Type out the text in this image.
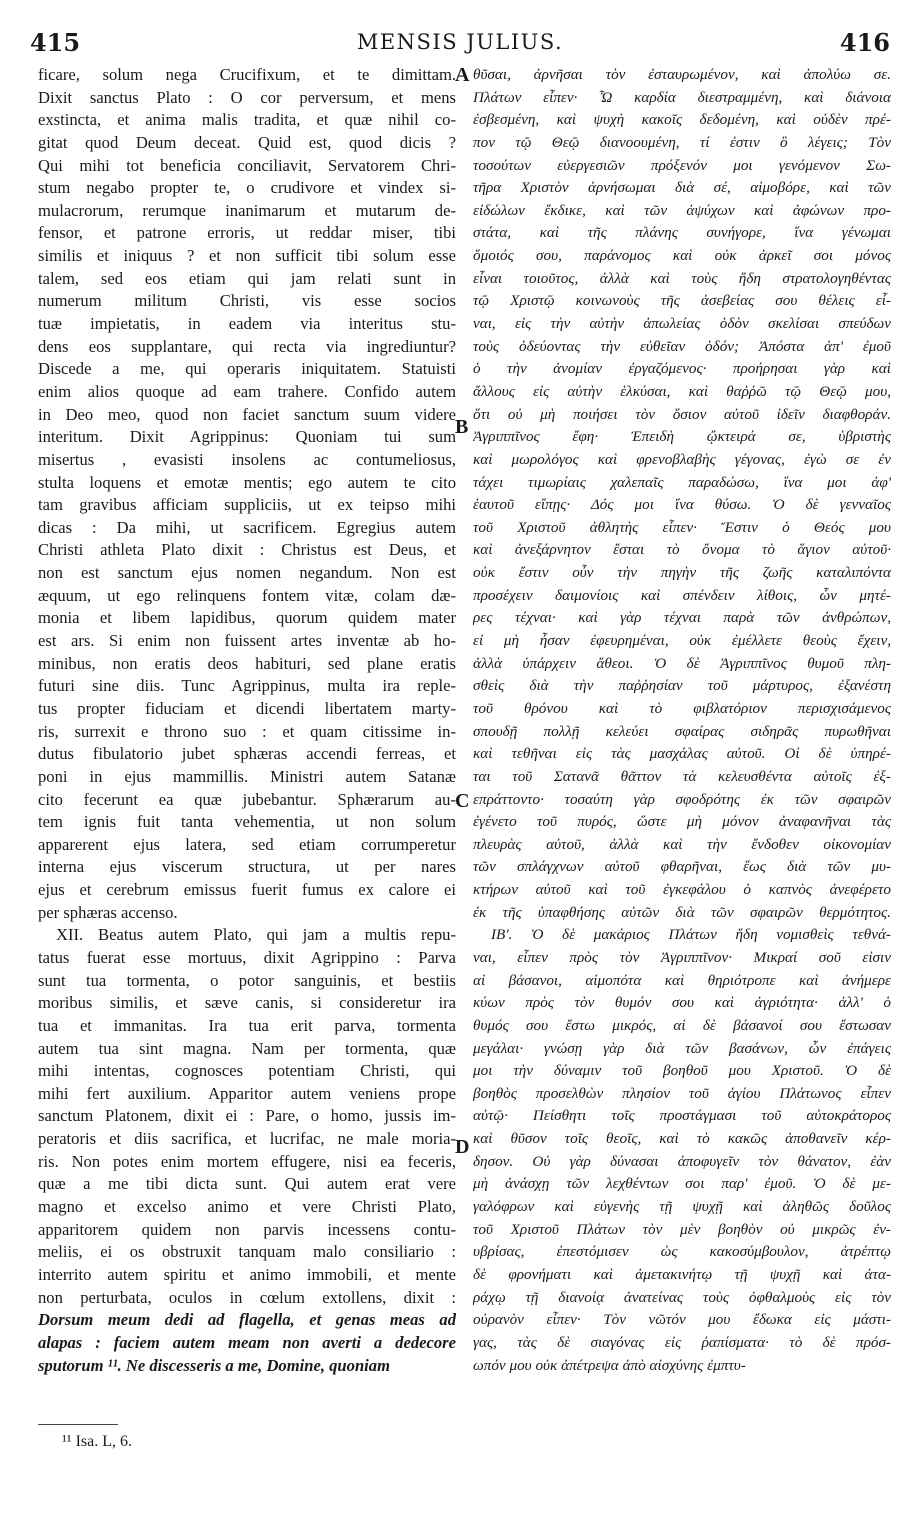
415	MENSIS JULIUS.	416
ficare, solum nega Crucifixum, et te dimittam.
Dixit sanctus Plato : O cor perversum, et mens
exstincta, et anima malis tradita, et quæ nihil co-
gitat quod Deum deceat. Quid est, quod dicis ?
Qui mihi tot beneficia conciliavit, Servatorem Chri-
stum negabo propter te, o crudivore et vindex si-
mulacrorum, rerumque inanimarum et mutarum de-
fensor, et patrone erroris, ut reddar miser, tibi
similis et iniquus ? et non sufficit tibi solum esse
talem, sed eos etiam qui jam relati sunt in
numerum militum Christi, vis esse socios
tuæ impietatis, in eadem via interitus stu-
dens eos supplantare, qui recta via ingrediuntur?
Discede a me, qui operaris iniquitatem. Statuisti
enim alios quoque ad eam trahere. Confido autem
in Deo meo, quod non faciet sanctum suum videre
interitum. Dixit Agrippinus: Quoniam tui sum
misertus , evasisti insolens ac contumeliosus,
stulta loquens et emotæ mentis; ego autem te cito
tam gravibus afficiam suppliciis, ut ex teipso mihi
dicas : Da mihi, ut sacrificem. Egregius autem
Christi athleta Plato dixit : Christus est Deus, et
non est sanctum ejus nomen negandum. Non est
æquum, ut ego relinquens fontem vitæ, colam dæ-
monia et libem lapidibus, quorum quidem mater
est ars. Si enim non fuissent artes inventæ ab ho-
minibus, non eratis deos habituri, sed plane eratis
futuri sine diis. Tunc Agrippinus, multa ira reple-
tus propter fiduciam et dicendi libertatem marty-
ris, surrexit e throno suo : et quam citissime in-
dutus fibulatorio jubet sphæras accendi ferreas, et
poni in ejus mammillis. Ministri autem Satanæ
cito fecerunt ea quæ jubebantur. Sphærarum au-
tem ignis fuit tanta vehementia, ut non solum
apparerent ejus latera, sed etiam corrumperetur
interna ejus viscerum structura, ut per nares
ejus et cerebrum emissus fuerit fumus ex calore ei
per sphæras accenso.
XII. Beatus autem Plato, qui jam a multis repu-
tatus fuerat esse mortuus, dixit Agrippino : Parva
sunt tua tormenta, o potor sanguinis, et bestiis
moribus similis, et sæve canis, si consideretur ira
tua et immanitas. Ira tua erit parva, tormenta
autem tua sint magna. Nam per tormenta, quæ
mihi intentas, cognosces potentiam Christi, qui
mihi fert auxilium. Apparitor autem veniens prope
sanctum Platonem, dixit ei : Pare, o homo, jussis im-
peratoris et diis sacrifica, et lucrifac, ne male moria-
ris. Non potes enim mortem effugere, nisi ea feceris,
quæ a me tibi dicta sunt. Qui autem erat vere
magno et excelso animo et vere Christi Plato,
apparitorem quidem non parvis incessens contu-
meliis, ei os obstruxit tanquam malo consiliario :
interrito autem spiritu et animo immobili, et mente
non perturbata, oculos in cœlum extollens, dixit :
Dorsum meum dedi ad flagella, et genas meas ad
alapas : faciem autem meam non averti a dedecore
sputorum ¹¹. Ne discesseris a me, Domine, quoniam
θῦσαι, ἀρνῆσαι τὸν ἐσταυρωμένον, καὶ ἀπολύω σε.
Πλάτων εἶπεν· Ὦ καρδία διεστραμμένη, καὶ διάνοια
ἐσβεσμένη, καὶ ψυχὴ κακοῖς δεδομένη, καὶ οὐδὲν πρέ-
πον τῷ Θεῷ διανοουμένη, τί ἐστιν ὃ λέγεις; Τὸν
τοσούτων εὐεργεσιῶν πρόξενόν μοι γενόμενον Σω-
τῆρα Χριστὸν ἀρνήσωμαι διὰ σέ, αἱμοβόρε, καὶ τῶν
εἰδώλων ἔκδικε, καὶ τῶν ἀψύχων καὶ ἀφώνων προ-
στάτα, καὶ τῆς πλάνης συνήγορε, ἵνα γένωμαι
ὅμοιός σου, παράνομος καὶ οὐκ ἀρκεῖ σοι μόνος
εἶναι τοιοῦτος, ἀλλὰ καὶ τοὺς ἤδη στρατολογηθέντας
τῷ Χριστῷ κοινωνοὺς τῆς ἀσεβείας σου θέλεις εἶ-
ναι, εἰς τὴν αὐτὴν ἀπωλείας ὁδὸν σκελίσαι σπεύδων
τοὺς ὁδεύοντας τὴν εὐθεῖαν ὁδόν; Ἀπόστα ἀπ' ἐμοῦ
ὁ τὴν ἀνομίαν ἐργαζόμενος· προήρησαι γὰρ καὶ
ἄλλους εἰς αὐτὴν ἑλκύσαι, καὶ θαῤῥῶ τῷ Θεῷ μου,
ὅτι οὐ μὴ ποιήσει τὸν ὅσιον αὐτοῦ ἰδεῖν διαφθοράν.
Ἀγριππῖνος ἔφη· Ἐπειδὴ ᾤκτειρά σε, ὑβριστὴς
καὶ μωρολόγος καὶ φρενοβλαβὴς γέγονας, ἐγὼ σε ἐν
τάχει τιμωρίαις χαλεπαῖς παραδώσω, ἵνα μοι ἀφ'
ἑαυτοῦ εἴπῃς· Δός μοι ἵνα θύσω. Ὁ δὲ γενναῖος
τοῦ Χριστοῦ ἀθλητὴς εἶπεν· Ἔστιν ὁ Θεός μου
καὶ ἀνεξάρνητον ἔσται τὸ ὄνομα τὸ ἅγιον αὐτοῦ·
οὐκ ἔστιν οὖν τὴν πηγὴν τῆς ζωῆς καταλιπόντα
προσέχειν δαιμονίοις καὶ σπένδειν λίθοις, ὧν μητέ-
ρες τέχναι· καὶ γὰρ τέχναι παρὰ τῶν ἀνθρώπων,
εἰ μὴ ἦσαν ἐφευρημέναι, οὐκ ἐμέλλετε θεοὺς ἔχειν,
ἀλλὰ ὑπάρχειν ἄθεοι. Ὁ δὲ Ἀγριππῖνος θυμοῦ πλη-
σθεὶς διὰ τὴν παῤῥησίαν τοῦ μάρτυρος, ἐξανέστη
τοῦ θρόνου καὶ τὸ φιβλατόριον περισχισάμενος
σπουδῇ πολλῇ κελεύει σφαίρας σιδηρᾶς πυρωθῆναι
καὶ τεθῆναι εἰς τὰς μασχάλας αὐτοῦ. Οἱ δὲ ὑπηρέ-
ται τοῦ Σατανᾶ θᾶττον τὰ κελευσθέντα αὐτοῖς ἐξ-
επράττοντο· τοσαύτη γὰρ σφοδρότης ἐκ τῶν σφαιρῶν
ἐγένετο τοῦ πυρός, ὥστε μὴ μόνον ἀναφανῆναι τὰς
πλευρὰς αὐτοῦ, ἀλλὰ καὶ τὴν ἔνδοθεν οἰκονομίαν
τῶν σπλάγχνων αὐτοῦ φθαρῆναι, ἕως διὰ τῶν μυ-
κτήρων αὐτοῦ καὶ τοῦ ἐγκεφάλου ὁ καπνὸς ἀνεφέρετο
ἐκ τῆς ὑπαφθήσης αὐτῶν διὰ τῶν σφαιρῶν θερμότητος.
ΙΒʹ. Ὁ δὲ μακάριος Πλάτων ἤδη νομισθεὶς τεθνά-
ναι, εἶπεν πρὸς τὸν Ἀγριππῖνον· Μικραί σοῦ εἰσιν
αἱ βάσανοι, αἱμοπότα καὶ θηριότροπε καὶ ἀνήμερε
κύων πρὸς τὸν θυμόν σου καὶ ἀγριότητα· ἀλλ' ὁ
θυμός σου ἔστω μικρός, αἱ δὲ βάσανοί σου ἔστωσαν
μεγάλαι· γνώσῃ γὰρ διὰ τῶν βασάνων, ὧν ἐπάγεις
μοι τὴν δύναμιν τοῦ βοηθοῦ μου Χριστοῦ. Ὁ δὲ
βοηθὸς προσελθὼν πλησίον τοῦ ἁγίου Πλάτωνος εἶπεν
αὐτῷ· Πείσθητι τοῖς προστάγμασι τοῦ αὐτοκράτορος
καὶ θῦσον τοῖς θεοῖς, καὶ τὸ κακῶς ἀποθανεῖν κέρ-
δησον. Οὐ γὰρ δύνασαι ἀποφυγεῖν τὸν θάνατον, ἐὰν
μὴ ἀνάσχῃ τῶν λεχθέντων σοι παρ' ἐμοῦ. Ὁ δὲ με-
γαλόφρων καὶ εὐγενὴς τῇ ψυχῇ καὶ ἀληθῶς δοῦλος
τοῦ Χριστοῦ Πλάτων τὸν μὲν βοηθὸν οὐ μικρῶς ἐν-
υβρίσας, ἐπεστόμισεν ὡς κακοσύμβουλον, ἀτρέπτῳ
δὲ φρονήματι καὶ ἀμετακινήτῳ τῇ ψυχῇ καὶ ἀτα-
ράχῳ τῇ διανοίᾳ ἀνατείνας τοὺς ὀφθαλμοὺς εἰς τὸν
οὐρανὸν εἶπεν· Τὸν νῶτόν μου ἔδωκα εἰς μάστι-
γας, τὰς δὲ σιαγόνας εἰς ῥαπίσματα· τὸ δὲ πρόσ-
ωπόν μου οὐκ ἀπέτρεψα ἀπὸ αἰσχύνης ἐμπτυ-
A
B
C
D
¹¹ Isa. L, 6.
